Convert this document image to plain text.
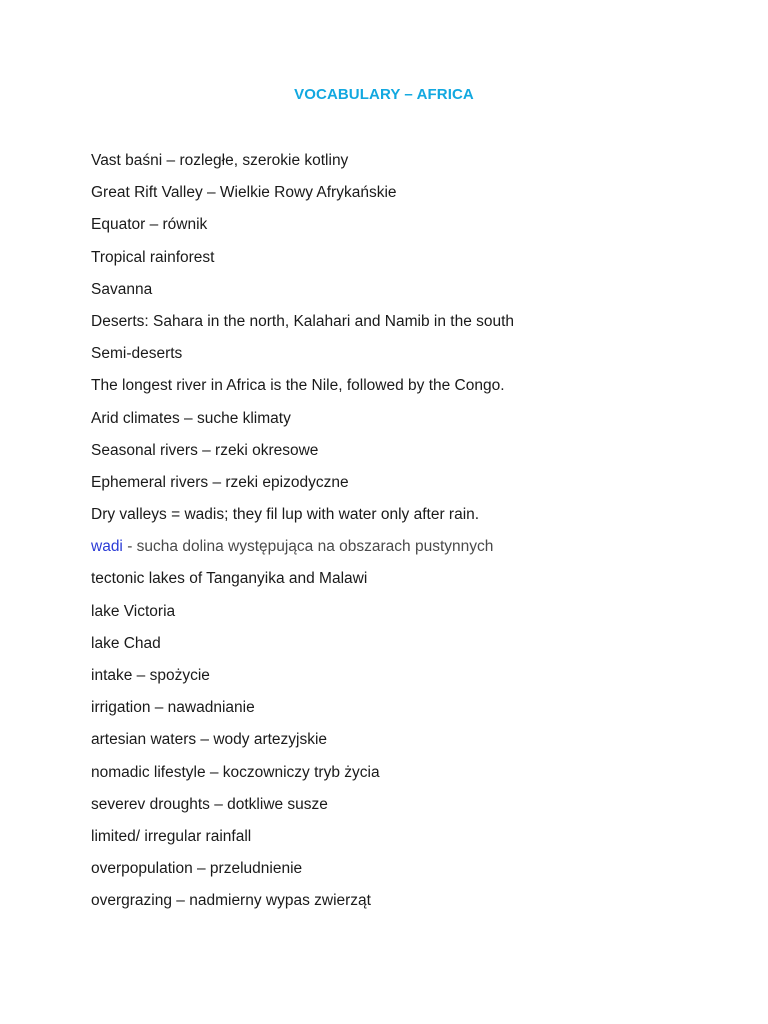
VOCABULARY – AFRICA
Vast baśni – rozległe, szerokie kotliny
Great Rift Valley – Wielkie Rowy Afrykańskie
Equator – równik
Tropical rainforest
Savanna
Deserts: Sahara in the north, Kalahari and Namib in the south
Semi-deserts
The longest river in Africa is the Nile, followed by the Congo.
Arid climates – suche klimaty
Seasonal rivers – rzeki okresowe
Ephemeral rivers – rzeki epizodyczne
Dry valleys = wadis; they fil lup with water only after rain.
wadi - sucha dolina występująca na obszarach pustynnych
tectonic lakes of Tanganyika and Malawi
lake Victoria
lake Chad
intake – spożycie
irrigation – nawadnianie
artesian waters – wody artezyjskie
nomadic lifestyle – koczowniczy tryb życia
severev droughts – dotkliwe susze
limited/ irregular rainfall
overpopulation – przeludnienie
overgrazing – nadmierny wypas zwierząt
